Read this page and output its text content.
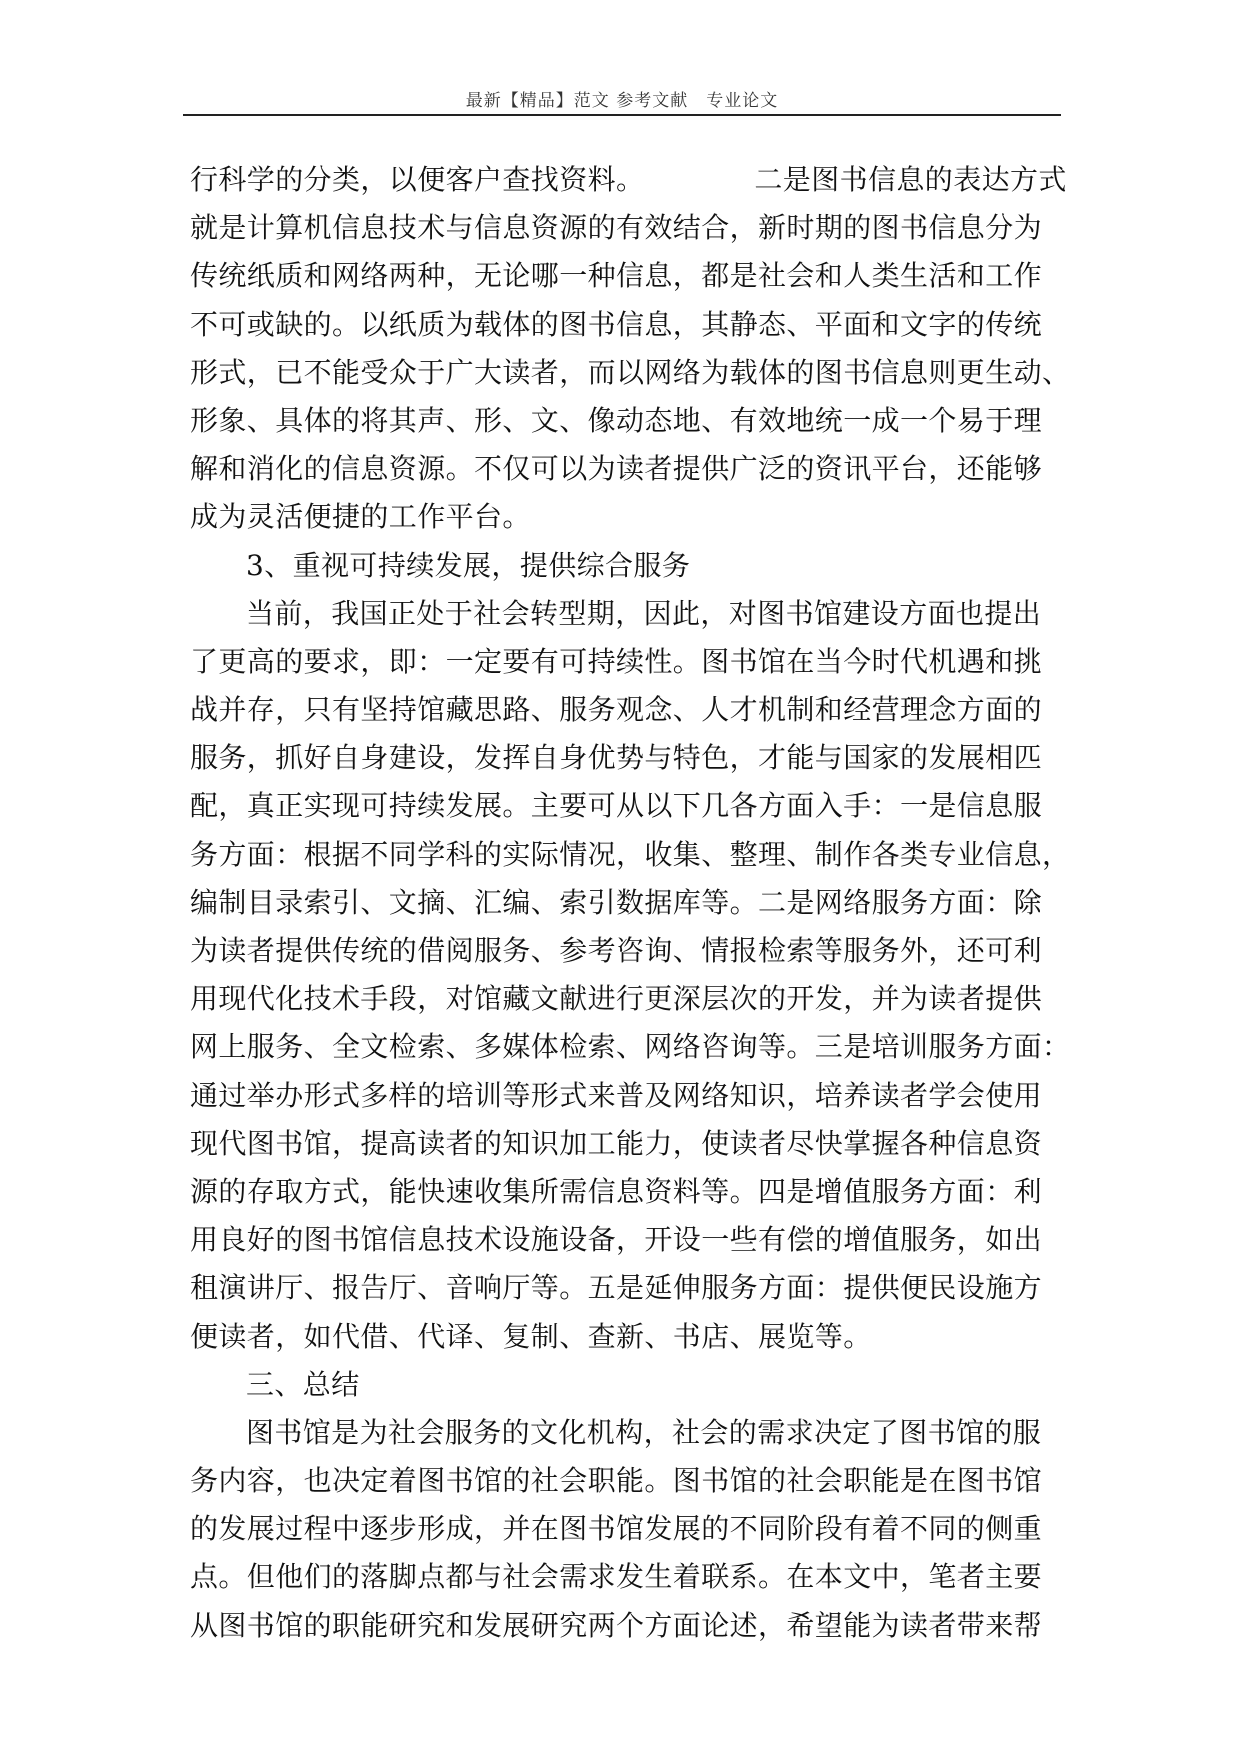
最新【精品】范文 参考文献　专业论文
行科学的分类，以便客户查找资料。	二是图书信息的表达方式
就是计算机信息技术与信息资源的有效结合，新时期的图书信息分为
传统纸质和网络两种，无论哪一种信息，都是社会和人类生活和工作
不可或缺的。以纸质为载体的图书信息，其静态、平面和文字的传统
形式，已不能受众于广大读者，而以网络为载体的图书信息则更生动、
形象、具体的将其声、形、文、像动态地、有效地统一成一个易于理
解和消化的信息资源。不仅可以为读者提供广泛的资讯平台，还能够
成为灵活便捷的工作平台。
3、重视可持续发展，提供综合服务
当前，我国正处于社会转型期，因此，对图书馆建设方面也提出
了更高的要求，即：一定要有可持续性。图书馆在当今时代机遇和挑
战并存，只有坚持馆藏思路、服务观念、人才机制和经营理念方面的
服务，抓好自身建设，发挥自身优势与特色，才能与国家的发展相匹
配，真正实现可持续发展。主要可从以下几各方面入手：一是信息服
务方面：根据不同学科的实际情况，收集、整理、制作各类专业信息，
编制目录索引、文摘、汇编、索引数据库等。二是网络服务方面：除
为读者提供传统的借阅服务、参考咨询、情报检索等服务外，还可利
用现代化技术手段，对馆藏文献进行更深层次的开发，并为读者提供
网上服务、全文检索、多媒体检索、网络咨询等。三是培训服务方面：
通过举办形式多样的培训等形式来普及网络知识，培养读者学会使用
现代图书馆，提高读者的知识加工能力，使读者尽快掌握各种信息资
源的存取方式，能快速收集所需信息资料等。四是增值服务方面：利
用良好的图书馆信息技术设施设备，开设一些有偿的增值服务，如出
租演讲厅、报告厅、音响厅等。五是延伸服务方面：提供便民设施方
便读者，如代借、代译、复制、查新、书店、展览等。
三、总结
图书馆是为社会服务的文化机构，社会的需求决定了图书馆的服
务内容，也决定着图书馆的社会职能。图书馆的社会职能是在图书馆
的发展过程中逐步形成，并在图书馆发展的不同阶段有着不同的侧重
点。但他们的落脚点都与社会需求发生着联系。在本文中，笔者主要
从图书馆的职能研究和发展研究两个方面论述，希望能为读者带来帮
